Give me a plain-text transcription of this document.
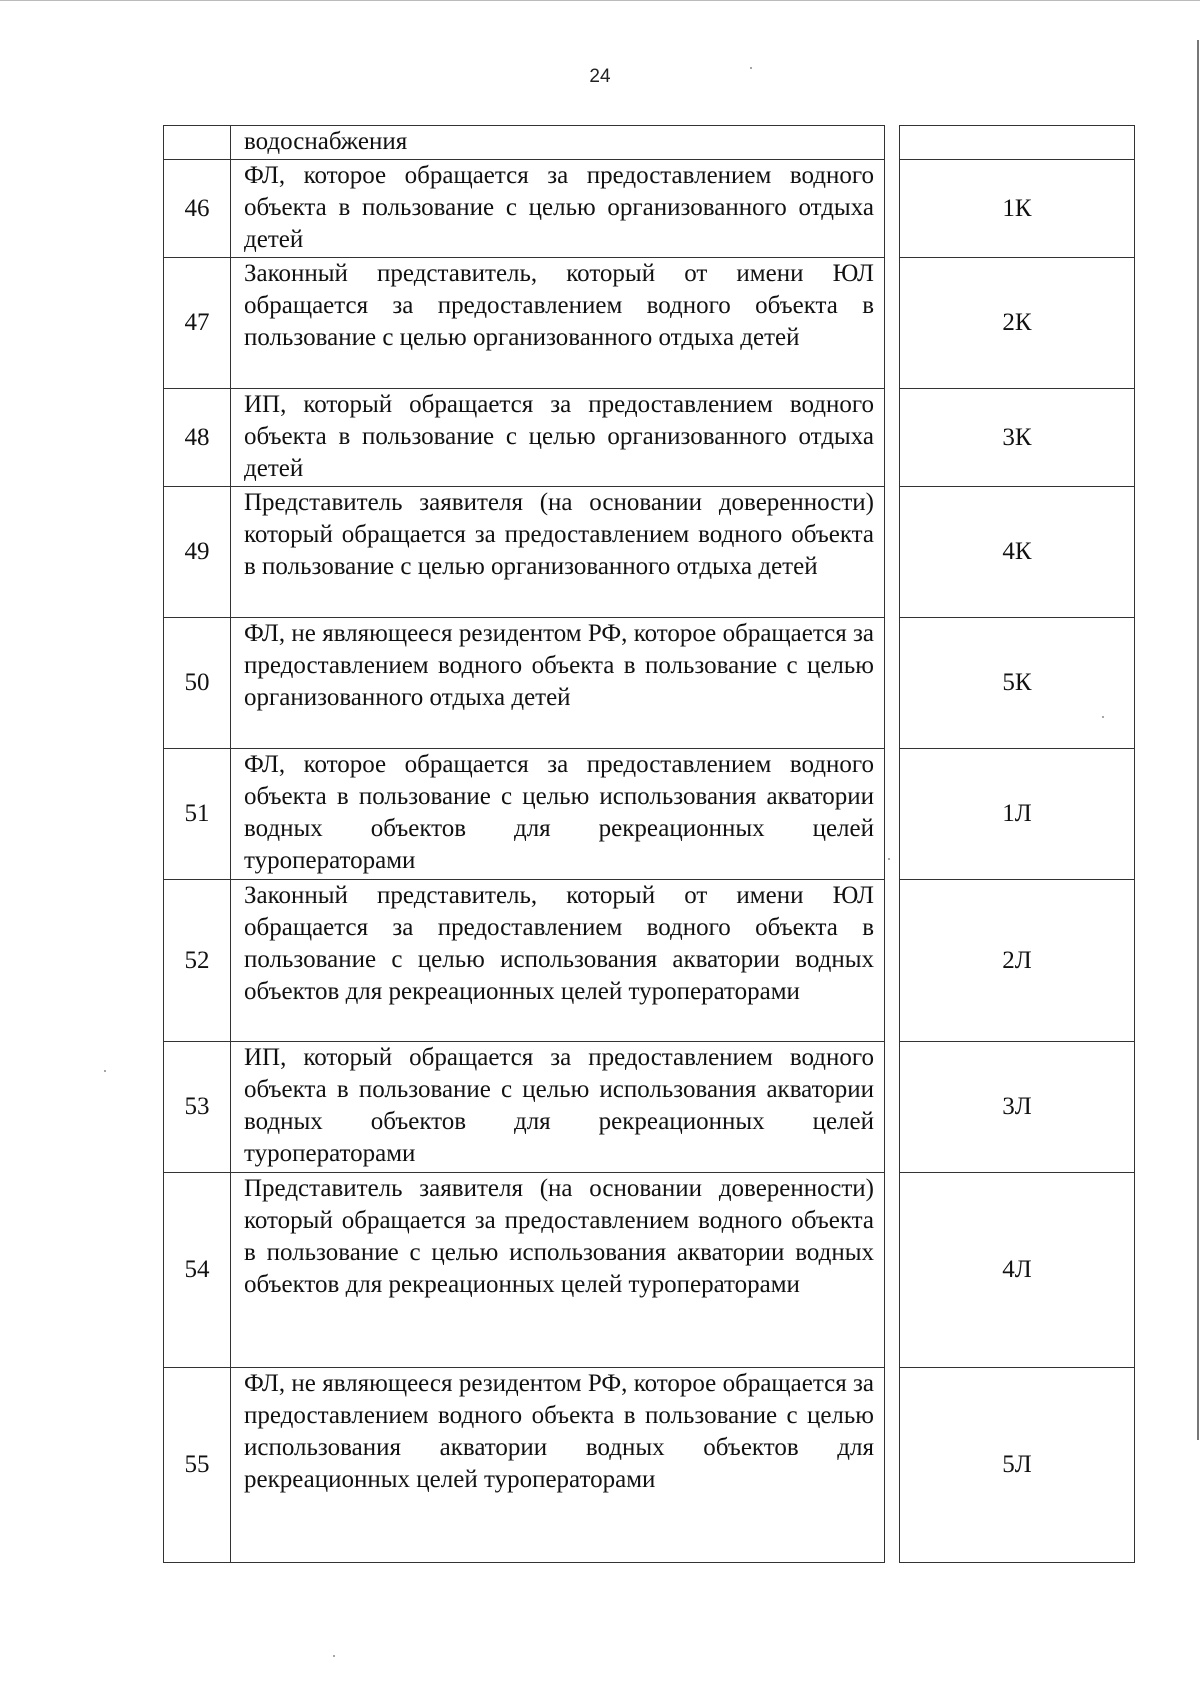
24

	водоснабжения		

46	ФЛ, которое обращается за предоставлением водного объекта в пользование с целью организованного отдыха детей		1К
47	Законный представитель, который от имени ЮЛ обращается за предоставлением водного объекта в пользование с целью организованного отдыха детей		2К
48	ИП, который обращается за предоставлением водного объекта в пользование с целью организованного отдыха детей		3К
49	Представитель заявителя (на основании доверенности) который обращается за предоставлением водного объекта в пользование с целью организованного отдыха детей		4К
50	ФЛ, не являющееся резидентом РФ, которое обращается за предоставлением водного объекта в пользование с целью организованного отдыха детей		5К
51	ФЛ, которое обращается за предоставлением водного объекта в пользование с целью использования акватории водных объектов для рекреационных целей туроператорами		1Л
52	Законный представитель, который от имени ЮЛ обращается за предоставлением водного объекта в пользование с целью использования акватории водных объектов для рекреационных целей туроператорами		2Л
53	ИП, который обращается за предоставлением водного объекта в пользование с целью использования акватории водных объектов для рекреационных целей туроператорами		3Л
54	Представитель заявителя (на основании доверенности) который обращается за предоставлением водного объекта в пользование с целью использования акватории водных объектов для рекреационных целей туроператорами		4Л
55	ФЛ, не являющееся резидентом РФ, которое обращается за предоставлением водного объекта в пользование с целью использования акватории водных объектов для рекреационных целей туроператорами		5Л
